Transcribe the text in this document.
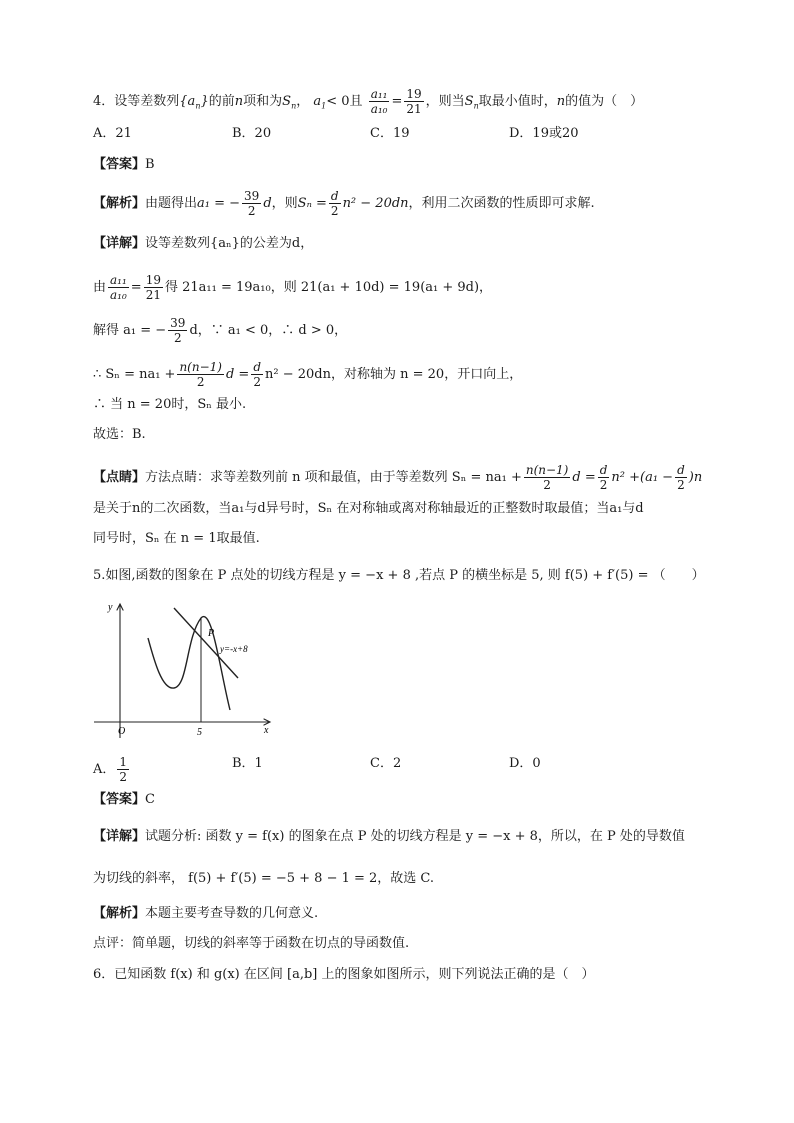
4．设等差数列$\{a_n\}$的前n项和为$S_n$， $a_1< 0$且 $\frac{\text{a₁₁}}{\text{a₁₀}} = \frac{19}{21}$ ，则当$S_n$取最小值时，n的值为（　）
A．21	B．20	C．19	D．19或20
【答案】B
【解析】由题得出a₁ = − $\frac{39}{2}$ d，则$S_n = \frac{d}{2} n^2 - 20dn$，利用二次函数的性质即可求解.
【详解】设等差数列{aₙ}的公差为d，
由 $\frac{\text{a₁₁}}{\text{a₁₀}} = \frac{19}{21}$ 得 21a₁₁ = 19a₁₀，则 21(a₁ + 10d) = 19(a₁ + 9d)，
解得 a₁ = − $\frac{39}{2}$ d，∵ a₁ < 0，∴ d > 0，
∴ $S_n = na_1 + \frac{n(n-1)}{2}$ $d = \frac{d}{2} n^2 - 20dn$，对称轴为 n = 20，开口向上，
∴ 当 n = 20时，Sₙ 最小.
故选：B.
【点睛】方法点睛：求等差数列前 n 项和最值，由于等差数列 $S_n = na_1 + \frac{n(n-1)}{2}$ $d = \frac{d}{2} n^2 +(a_1 - \frac{d}{2} )n$
是关于n的二次函数，当a₁与d异号时，Sₙ 在对称轴或离对称轴最近的正整数时取最值；当a₁与d
同号时，Sₙ 在 n = 1取最值.
5.如图,函数的图象在 P 点处的切线方程是 y = −x + 8 ,若点 P 的横坐标是 5, 则 f(5) + f′(5) = （　　）
y
x
O	5
P
y=-x+8
A． $\frac{1}{2}$	B．1	C．2	D．0
【答案】C
【详解】试题分析: 函数 y = f(x) 的图象在点 P 处的切线方程是 y = −x + 8，所以，在 P 处的导数值
为切线的斜率， f(5) + f′(5) = −5 + 8 − 1 = 2，故选 C.
【解析】本题主要考查导数的几何意义.
点评：简单题，切线的斜率等于函数在切点的导函数值.
6．已知函数 f(x) 和 g(x) 在区间 [a,b] 上的图象如图所示，则下列说法正确的是（　）
